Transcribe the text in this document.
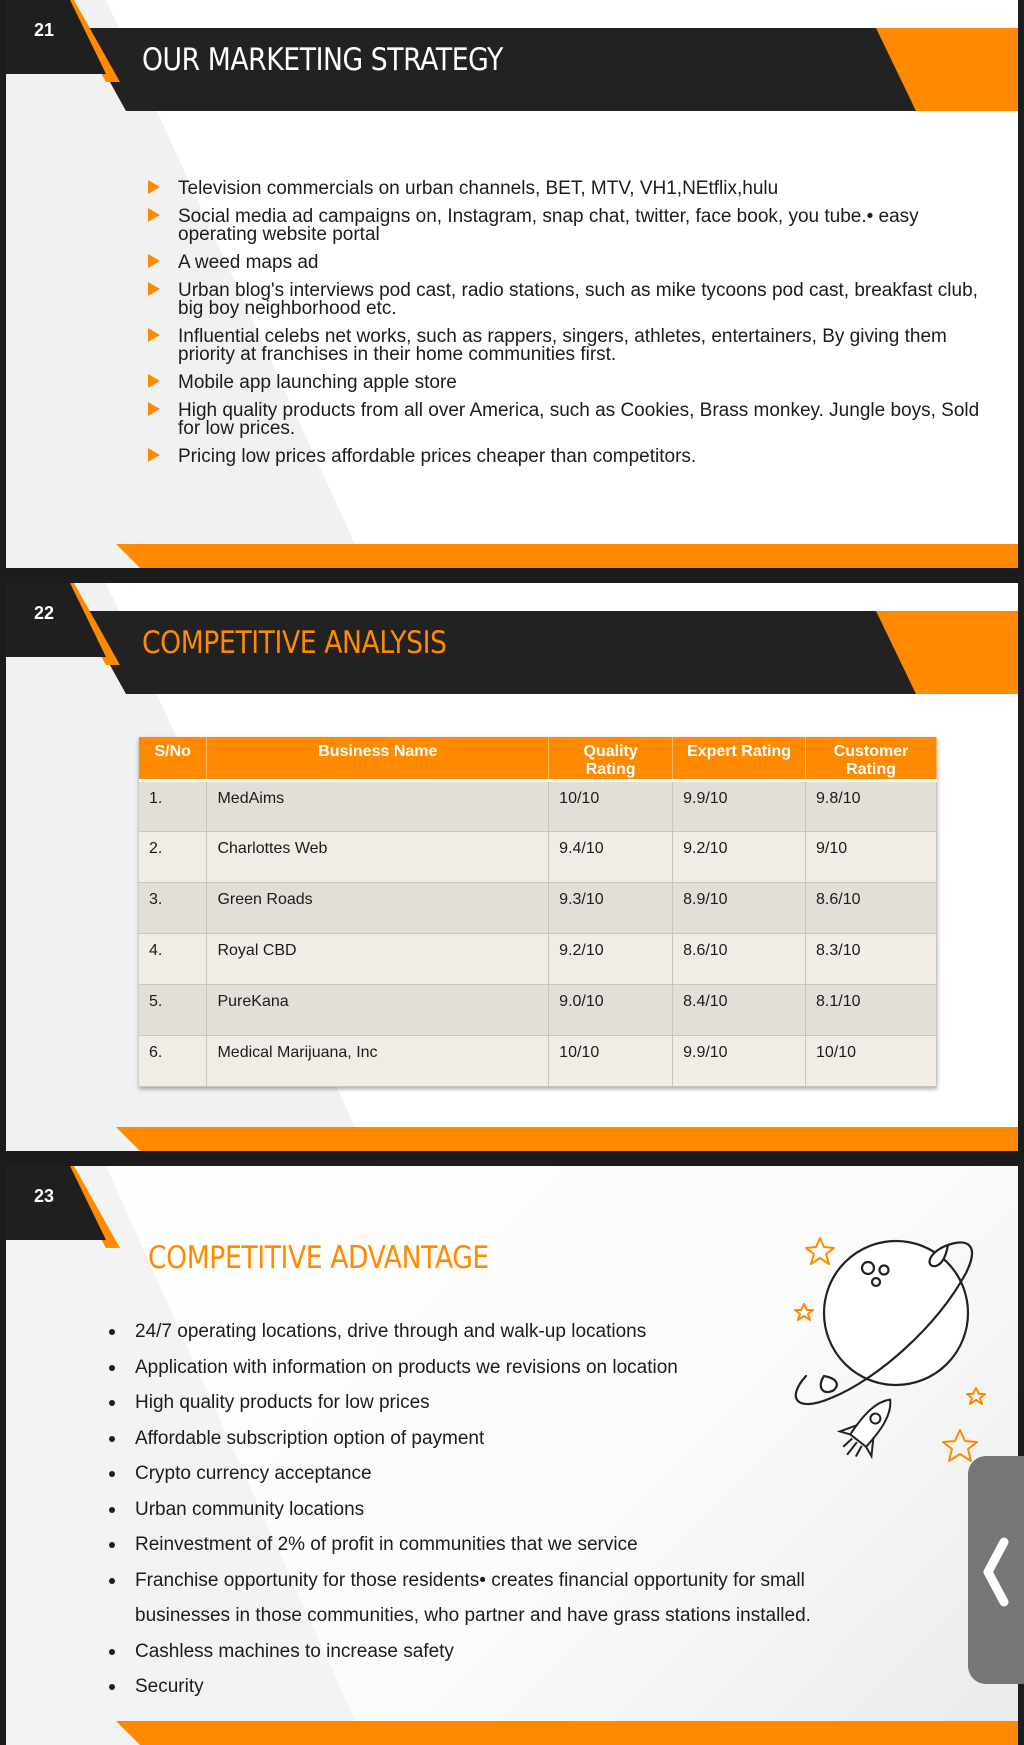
21
OUR MARKETING STRATEGY
Television commercials on urban channels, BET, MTV, VH1,NEtflix,hulu
Social media ad campaigns on, Instagram, snap chat, twitter, face book, you tube.• easy operating website portal
A weed maps ad
Urban blog's interviews pod cast, radio stations, such as mike tycoons pod cast, breakfast club, big boy neighborhood etc.
Influential celebs net works, such as rappers, singers, athletes, entertainers, By giving them priority at franchises in their home communities first.
Mobile app launching apple store
High quality products from all over America, such as Cookies, Brass monkey. Jungle boys, Sold for low prices.
Pricing low prices affordable prices cheaper than competitors.
22
COMPETITIVE ANALYSIS
S/No	Business Name	Quality Rating	Expert Rating	Customer Rating
1.	MedAims	10/10	9.9/10	9.8/10
2.	Charlottes Web	9.4/10	9.2/10	9/10
3.	Green Roads	9.3/10	8.9/10	8.6/10
4.	Royal CBD	9.2/10	8.6/10	8.3/10
5.	PureKana	9.0/10	8.4/10	8.1/10
6.	Medical Marijuana, Inc	10/10	9.9/10	10/10
23
COMPETITIVE ADVANTAGE
24/7 operating locations, drive through and walk-up locations
Application with information on products we revisions on location
High quality products for low prices
Affordable subscription option of payment
Crypto currency acceptance
Urban community locations
Reinvestment of 2% of profit in communities that we service
Franchise opportunity for those residents• creates financial opportunity for small businesses in those communities, who partner and have grass stations installed.
Cashless machines to increase safety
Security
